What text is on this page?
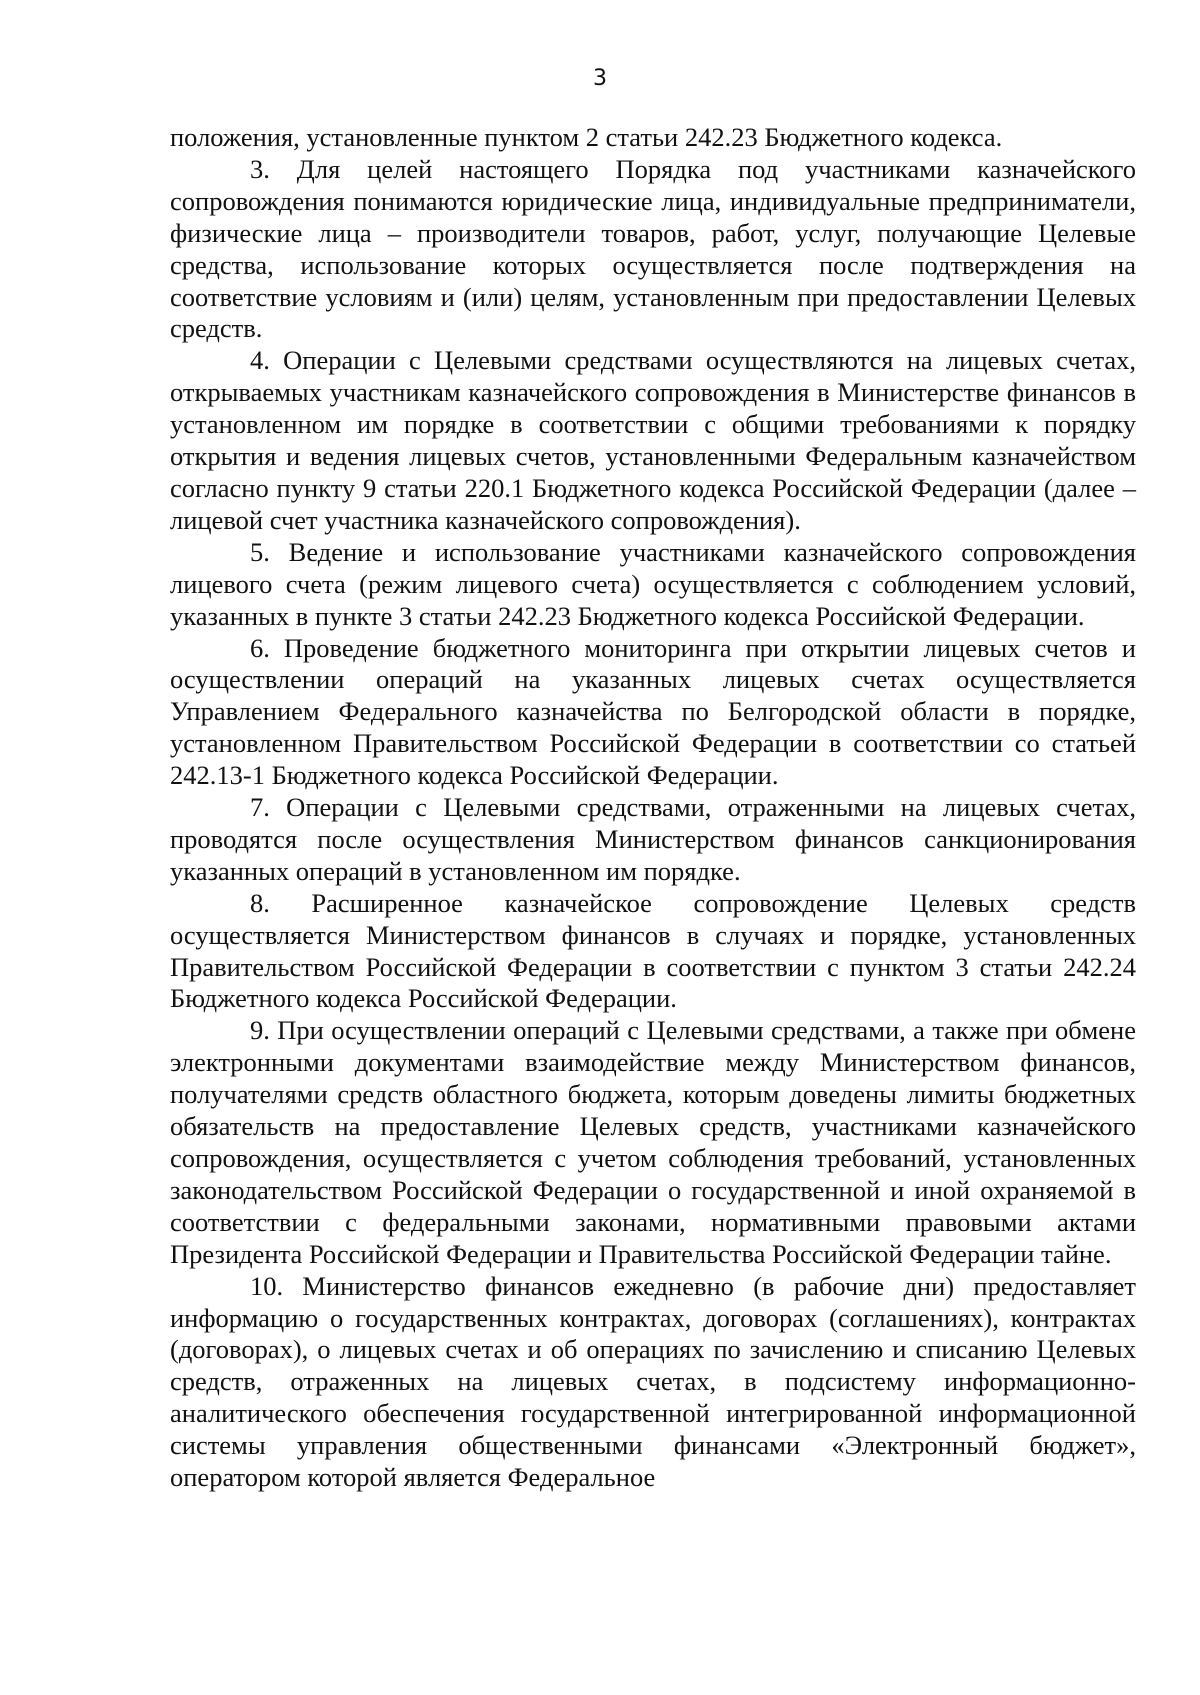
3

положения, установленные пунктом 2 статьи 242.23 Бюджетного кодекса.

3. Для целей настоящего Порядка под участниками казначейского сопровождения понимаются юридические лица, индивидуальные предприниматели, физические лица – производители товаров, работ, услуг, получающие Целевые средства, использование которых осуществляется после подтверждения на соответствие условиям и (или) целям, установленным при предоставлении Целевых средств.

4. Операции с Целевыми средствами осуществляются на лицевых счетах, открываемых участникам казначейского сопровождения в Министерстве финансов в установленном им порядке в соответствии с общими требованиями к порядку открытия и ведения лицевых счетов, установленными Федеральным казначейством согласно пункту 9 статьи 220.1 Бюджетного кодекса Российской Федерации (далее – лицевой счет участника казначейского сопровождения).

5. Ведение и использование участниками казначейского сопровождения лицевого счета (режим лицевого счета) осуществляется с соблюдением условий, указанных в пункте 3 статьи 242.23 Бюджетного кодекса Российской Федерации.

6. Проведение бюджетного мониторинга при открытии лицевых счетов и осуществлении операций на указанных лицевых счетах осуществляется Управлением Федерального казначейства по Белгородской области в порядке, установленном Правительством Российской Федерации в соответствии со статьей 242.13-1 Бюджетного кодекса Российской Федерации.

7. Операции с Целевыми средствами, отраженными на лицевых счетах, проводятся после осуществления Министерством финансов санкционирования указанных операций в установленном им порядке.

8. Расширенное казначейское сопровождение Целевых средств осуществляется Министерством финансов в случаях и порядке, установленных Правительством Российской Федерации в соответствии с пунктом 3 статьи 242.24 Бюджетного кодекса Российской Федерации.

9. При осуществлении операций с Целевыми средствами, а также при обмене электронными документами взаимодействие между Министерством финансов, получателями средств областного бюджета, которым доведены лимиты бюджетных обязательств на предоставление Целевых средств, участниками казначейского сопровождения, осуществляется с учетом соблюдения требований, установленных законодательством Российской Федерации о государственной и иной охраняемой в соответствии с федеральными законами, нормативными правовыми актами Президента Российской Федерации и Правительства Российской Федерации тайне.

10. Министерство финансов ежедневно (в рабочие дни) предоставляет информацию о государственных контрактах, договорах (соглашениях), контрактах (договорах), о лицевых счетах и об операциях по зачислению и списанию Целевых средств, отраженных на лицевых счетах, в подсистему информационно-аналитического обеспечения государственной интегрированной информационной системы управления общественными финансами «Электронный бюджет», оператором которой является Федеральное
